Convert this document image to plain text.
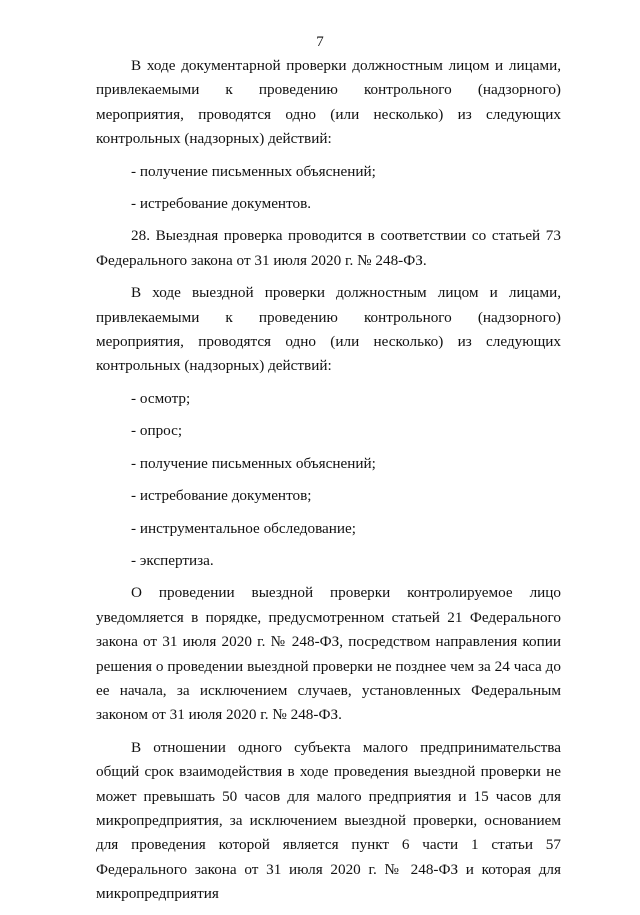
7

В ходе документарной проверки должностным лицом и лицами, привлекаемыми к проведению контрольного (надзорного) мероприятия, проводятся одно (или несколько) из следующих контрольных (надзорных) действий:

- получение письменных объяснений;

- истребование документов.

28. Выездная проверка проводится в соответствии со статьей 73 Федерального закона от 31 июля 2020 г. № 248-ФЗ.

В ходе выездной проверки должностным лицом и лицами, привлекаемыми к проведению контрольного (надзорного) мероприятия, проводятся одно (или несколько) из следующих контрольных (надзорных) действий:

- осмотр;

- опрос;

- получение письменных объяснений;

- истребование документов;

- инструментальное обследование;

- экспертиза.

О проведении выездной проверки контролируемое лицо уведомляется в порядке, предусмотренном статьей 21 Федерального закона от 31 июля 2020 г. № 248-ФЗ, посредством направления копии решения о проведении выездной проверки не позднее чем за 24 часа до ее начала, за исключением случаев, установленных Федеральным законом от 31 июля 2020 г. № 248-ФЗ.

В отношении одного субъекта малого предпринимательства общий срок взаимодействия в ходе проведения выездной проверки не может превышать 50 часов для малого предприятия и 15 часов для микропредприятия, за исключением выездной проверки, основанием для проведения которой является пункт 6 части 1 статьи 57 Федерального закона от 31 июля 2020 г. № 248-ФЗ и которая для микропредприятия
